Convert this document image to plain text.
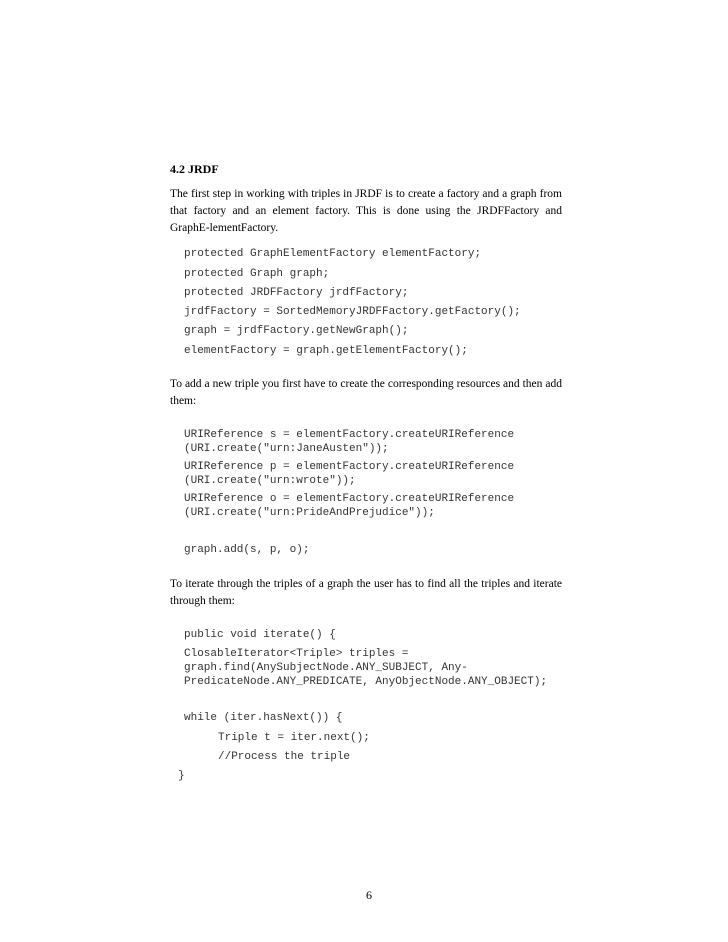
4.2 JRDF
The first step in working with triples in JRDF is to create a factory and a graph from that factory and an element factory. This is done using the JRDFFactory and GraphE-lementFactory.
protected GraphElementFactory elementFactory;
protected Graph graph;
protected JRDFFactory jrdfFactory;
jrdfFactory = SortedMemoryJRDFFactory.getFactory();
graph = jrdfFactory.getNewGraph();
elementFactory = graph.getElementFactory();
To add a new triple you first have to create the corresponding resources and then add them:
URIReference s = elementFactory.createURIReference
(URI.create("urn:JaneAusten"));
URIReference p = elementFactory.createURIReference
(URI.create("urn:wrote"));
URIReference o = elementFactory.createURIReference
(URI.create("urn:PrideAndPrejudice"));
graph.add(s, p, o);
To iterate through the triples of a graph the user has to find all the triples and iterate through them:
public void iterate() {
ClosableIterator<Triple> triples =
graph.find(AnySubjectNode.ANY_SUBJECT, Any-
PredicateNode.ANY_PREDICATE, AnyObjectNode.ANY_OBJECT);
while (iter.hasNext()) {
Triple t = iter.next();
//Process the triple
}
6
